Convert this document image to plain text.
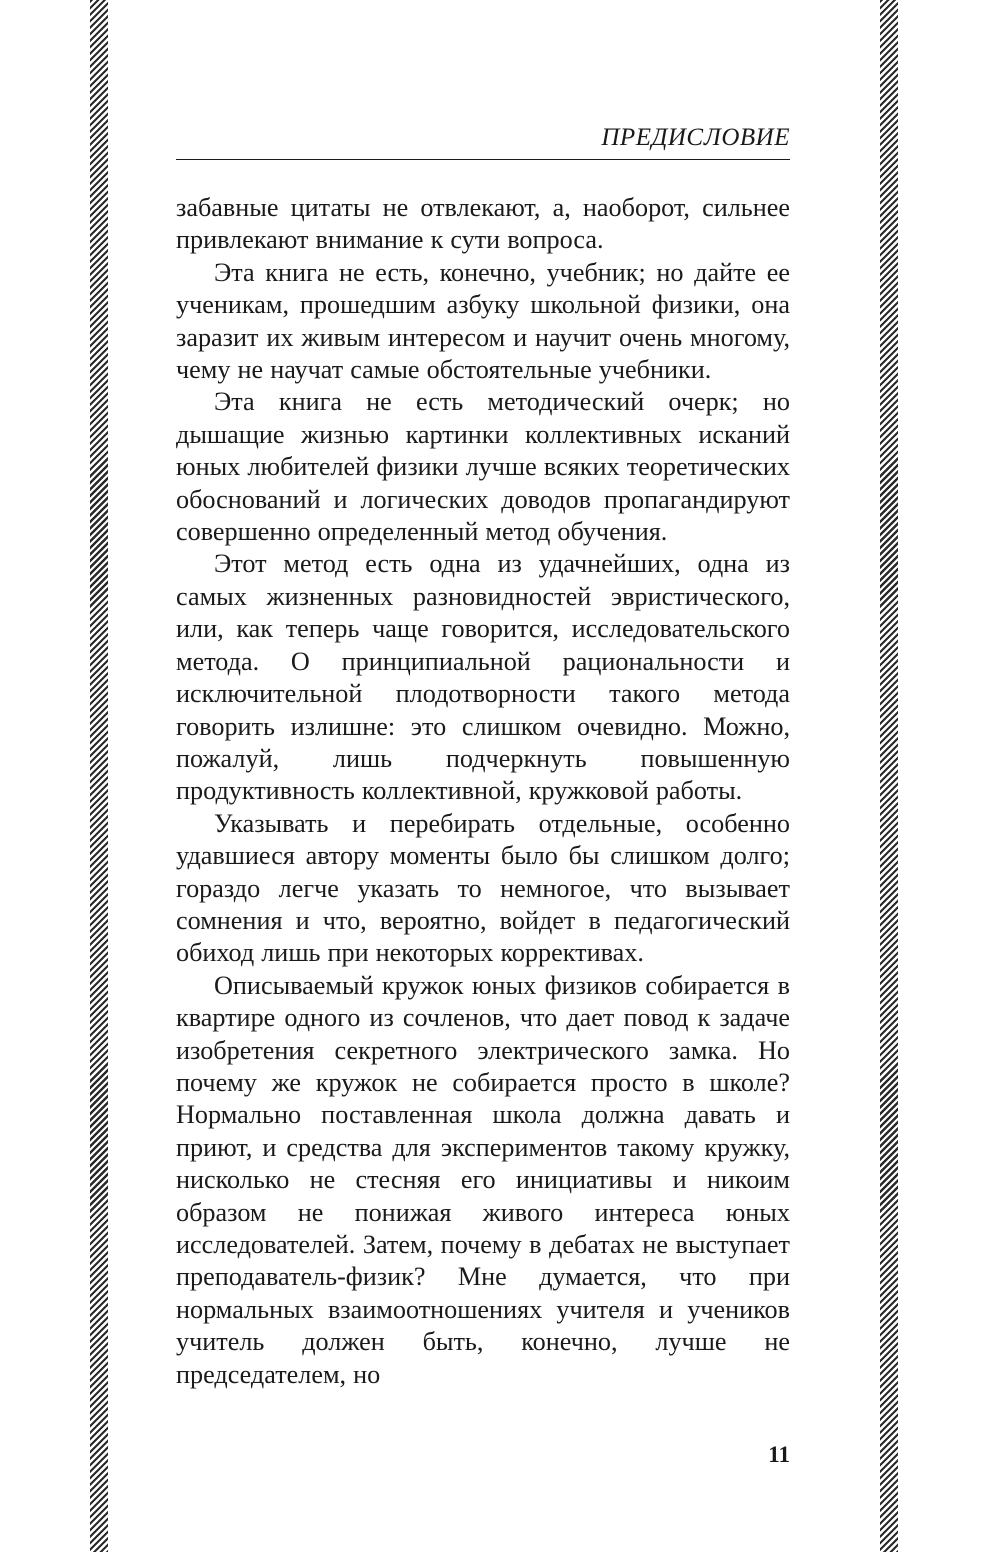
ПРЕДИСЛОВИЕ

забавные цитаты не отвлекают, а, наоборот, сильнее привлекают внимание к сути вопроса.

Эта книга не есть, конечно, учебник; но дайте ее ученикам, прошедшим азбуку школьной физики, она заразит их живым интересом и научит очень многому, чему не научат самые обстоятельные учебники.

Эта книга не есть методический очерк; но дышащие жизнью картинки коллективных исканий юных любителей физики лучше всяких теоретических обоснований и логических доводов пропагандируют совершенно определенный метод обучения.

Этот метод есть одна из удачнейших, одна из самых жизненных разновидностей эвристического, или, как теперь чаще говорится, исследовательского метода. О принципиальной рациональности и исключительной плодотворности такого метода говорить излишне: это слишком очевидно. Можно, пожалуй, лишь подчеркнуть повышенную продуктивность коллективной, кружковой работы.

Указывать и перебирать отдельные, особенно удавшиеся автору моменты было бы слишком долго; гораздо легче указать то немногое, что вызывает сомнения и что, вероятно, войдет в педагогический обиход лишь при некоторых коррективах.

Описываемый кружок юных физиков собирается в квартире одного из сочленов, что дает повод к задаче изобретения секретного электрического замка. Но почему же кружок не собирается просто в школе? Нормально поставленная школа должна давать и приют, и средства для экспериментов такому кружку, нисколько не стесняя его инициативы и никоим образом не понижая живого интереса юных исследователей. Затем, почему в дебатах не выступает преподаватель-физик? Мне думается, что при нормальных взаимоотношениях учителя и учеников учитель должен быть, конечно, лучше не председателем, но

11
